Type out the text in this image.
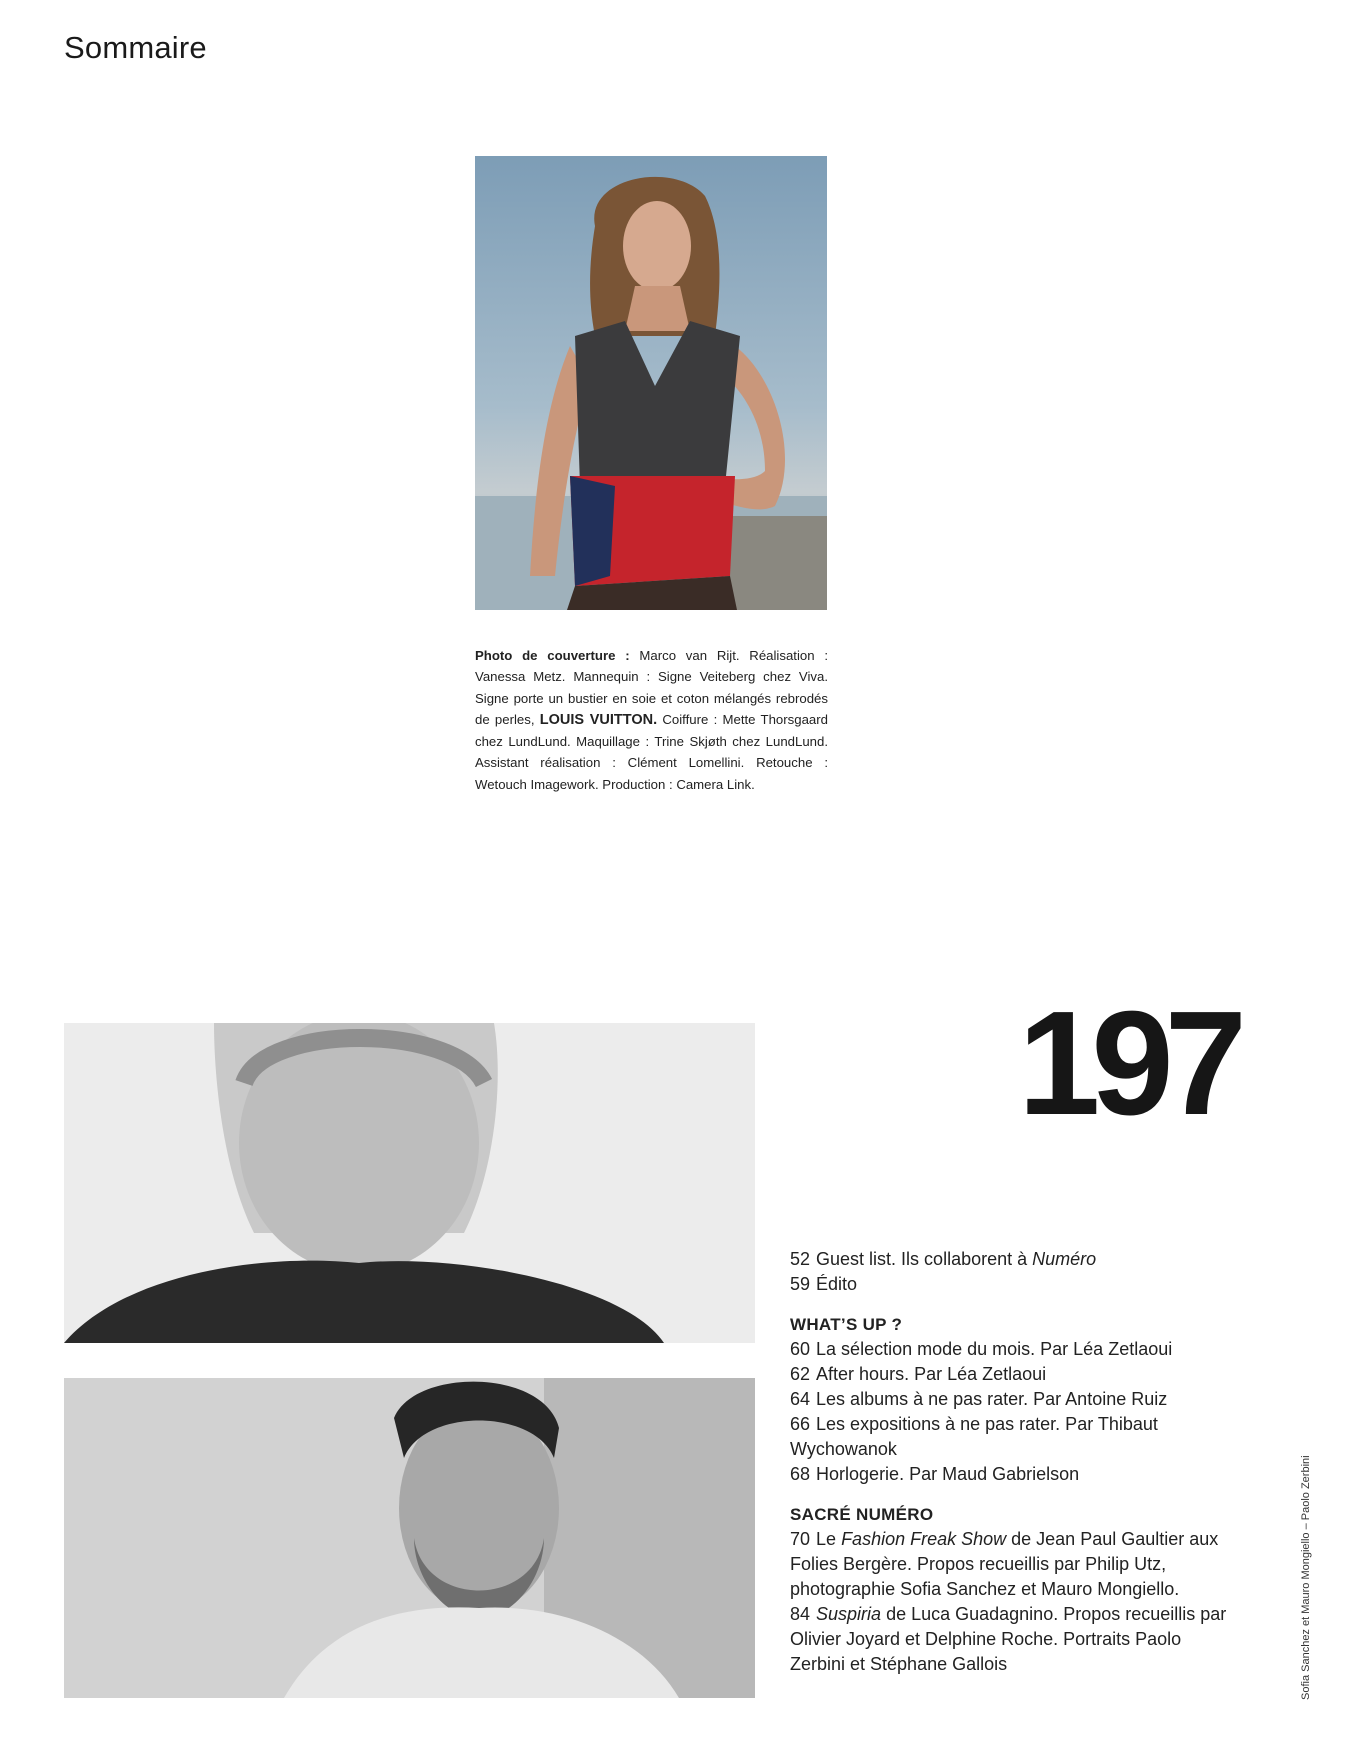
Sommaire
Photo de couverture : Marco van Rijt. Réalisation : Vanessa Metz. Mannequin : Signe Veiteberg chez Viva. Signe porte un bustier en soie et coton mélangés rebrodés de perles, LOUIS VUITTON. Coiffure : Mette Thorsgaard chez LundLund. Maquillage : Trine Skjøth chez LundLund. Assistant réalisation : Clément Lomellini. Retouche : Wetouch Imagework. Production : Camera Link.
197

52 Guest list. Ils collaborent à Numéro

59 Édito

WHAT’S UP ?

60 La sélection mode du mois. Par Léa Zetlaoui

62 After hours. Par Léa Zetlaoui

64 Les albums à ne pas rater. Par Antoine Ruiz

66 Les expositions à ne pas rater. Par Thibaut Wychowanok

68 Horlogerie. Par Maud Gabrielson

SACRÉ NUMÉRO

70 Le Fashion Freak Show de Jean Paul Gaultier aux Folies Bergère. Propos recueillis par Philip Utz, photographie Sofia Sanchez et Mauro Mongiello.

84 Suspiria de Luca Guadagnino. Propos recueillis par Olivier Joyard et Delphine Roche. Portraits Paolo Zerbini et Stéphane Gallois	Sofia Sanchez et Mauro Mongiello – Paolo Zerbini
